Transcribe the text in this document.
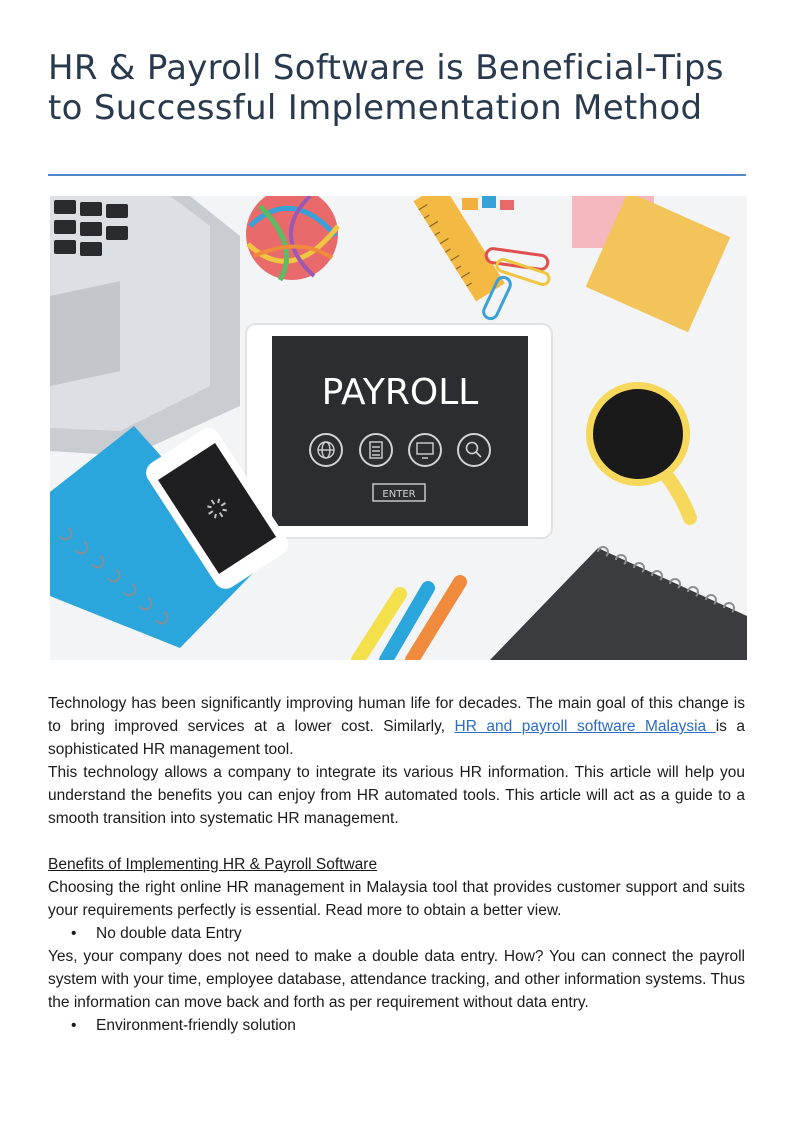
HR & Payroll Software is Beneficial-Tips to Successful Implementation Method
PAYROLL
ENTER

Technology has been significantly improving human life for decades. The main goal of this change is to bring improved services at a lower cost. Similarly, HR and payroll software Malaysia is a sophisticated HR management tool.

This technology allows a company to integrate its various HR information. This article will help you understand the benefits you can enjoy from HR automated tools. This article will act as a guide to a smooth transition into systematic HR management.

Benefits of Implementing HR & Payroll Software

Choosing the right online HR management in Malaysia tool that provides customer support and suits your requirements perfectly is essential. Read more to obtain a better view.

• No double data Entry

Yes, your company does not need to make a double data entry. How? You can connect the payroll system with your time, employee database, attendance tracking, and other information systems. Thus the information can move back and forth as per requirement without data entry.

• Environment-friendly solution
